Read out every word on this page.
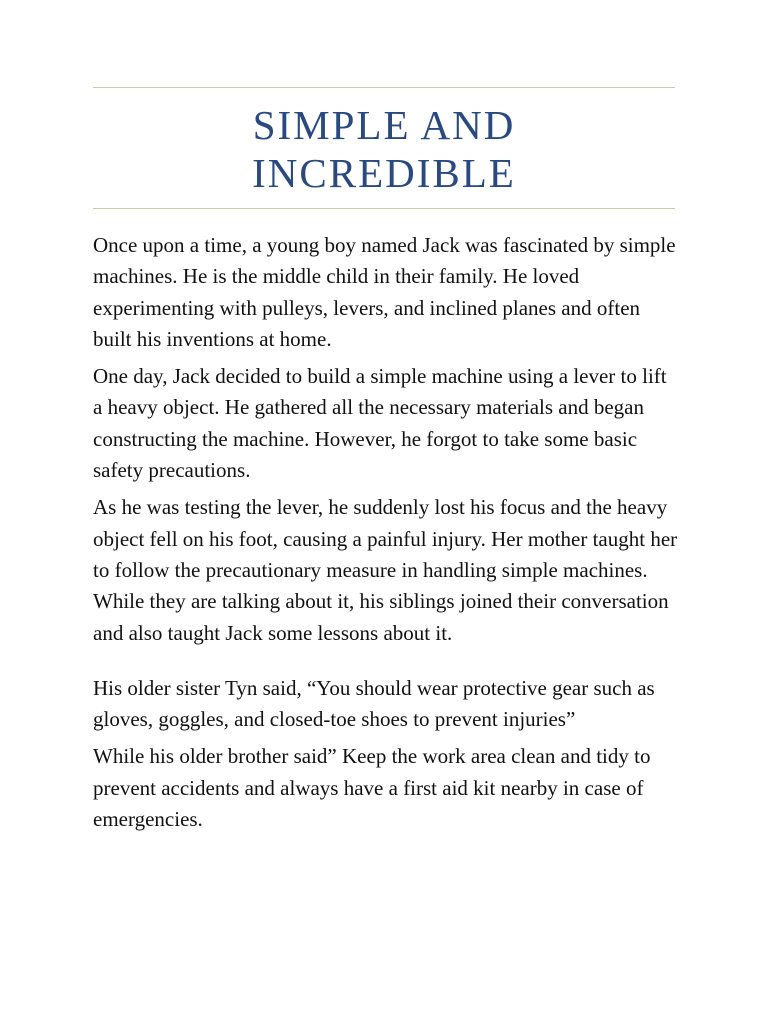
SIMPLE AND
INCREDIBLE

Once upon a time, a young boy named Jack was fascinated by simple machines. He is the middle child in their family. He loved experimenting with pulleys, levers, and inclined planes and often built his inventions at home.

One day, Jack decided to build a simple machine using a lever to lift a heavy object. He gathered all the necessary materials and began constructing the machine. However, he forgot to take some basic safety precautions.

As he was testing the lever, he suddenly lost his focus and the heavy object fell on his foot, causing a painful injury. Her mother taught her to follow the precautionary measure in handling simple machines. While they are talking about it, his siblings joined their conversation and also taught Jack some lessons about it.

His older sister Tyn said, “You should wear protective gear such as gloves, goggles, and closed-toe shoes to prevent injuries”

While his older brother said” Keep the work area clean and tidy to prevent accidents and always have a first aid kit nearby in case of emergencies.
